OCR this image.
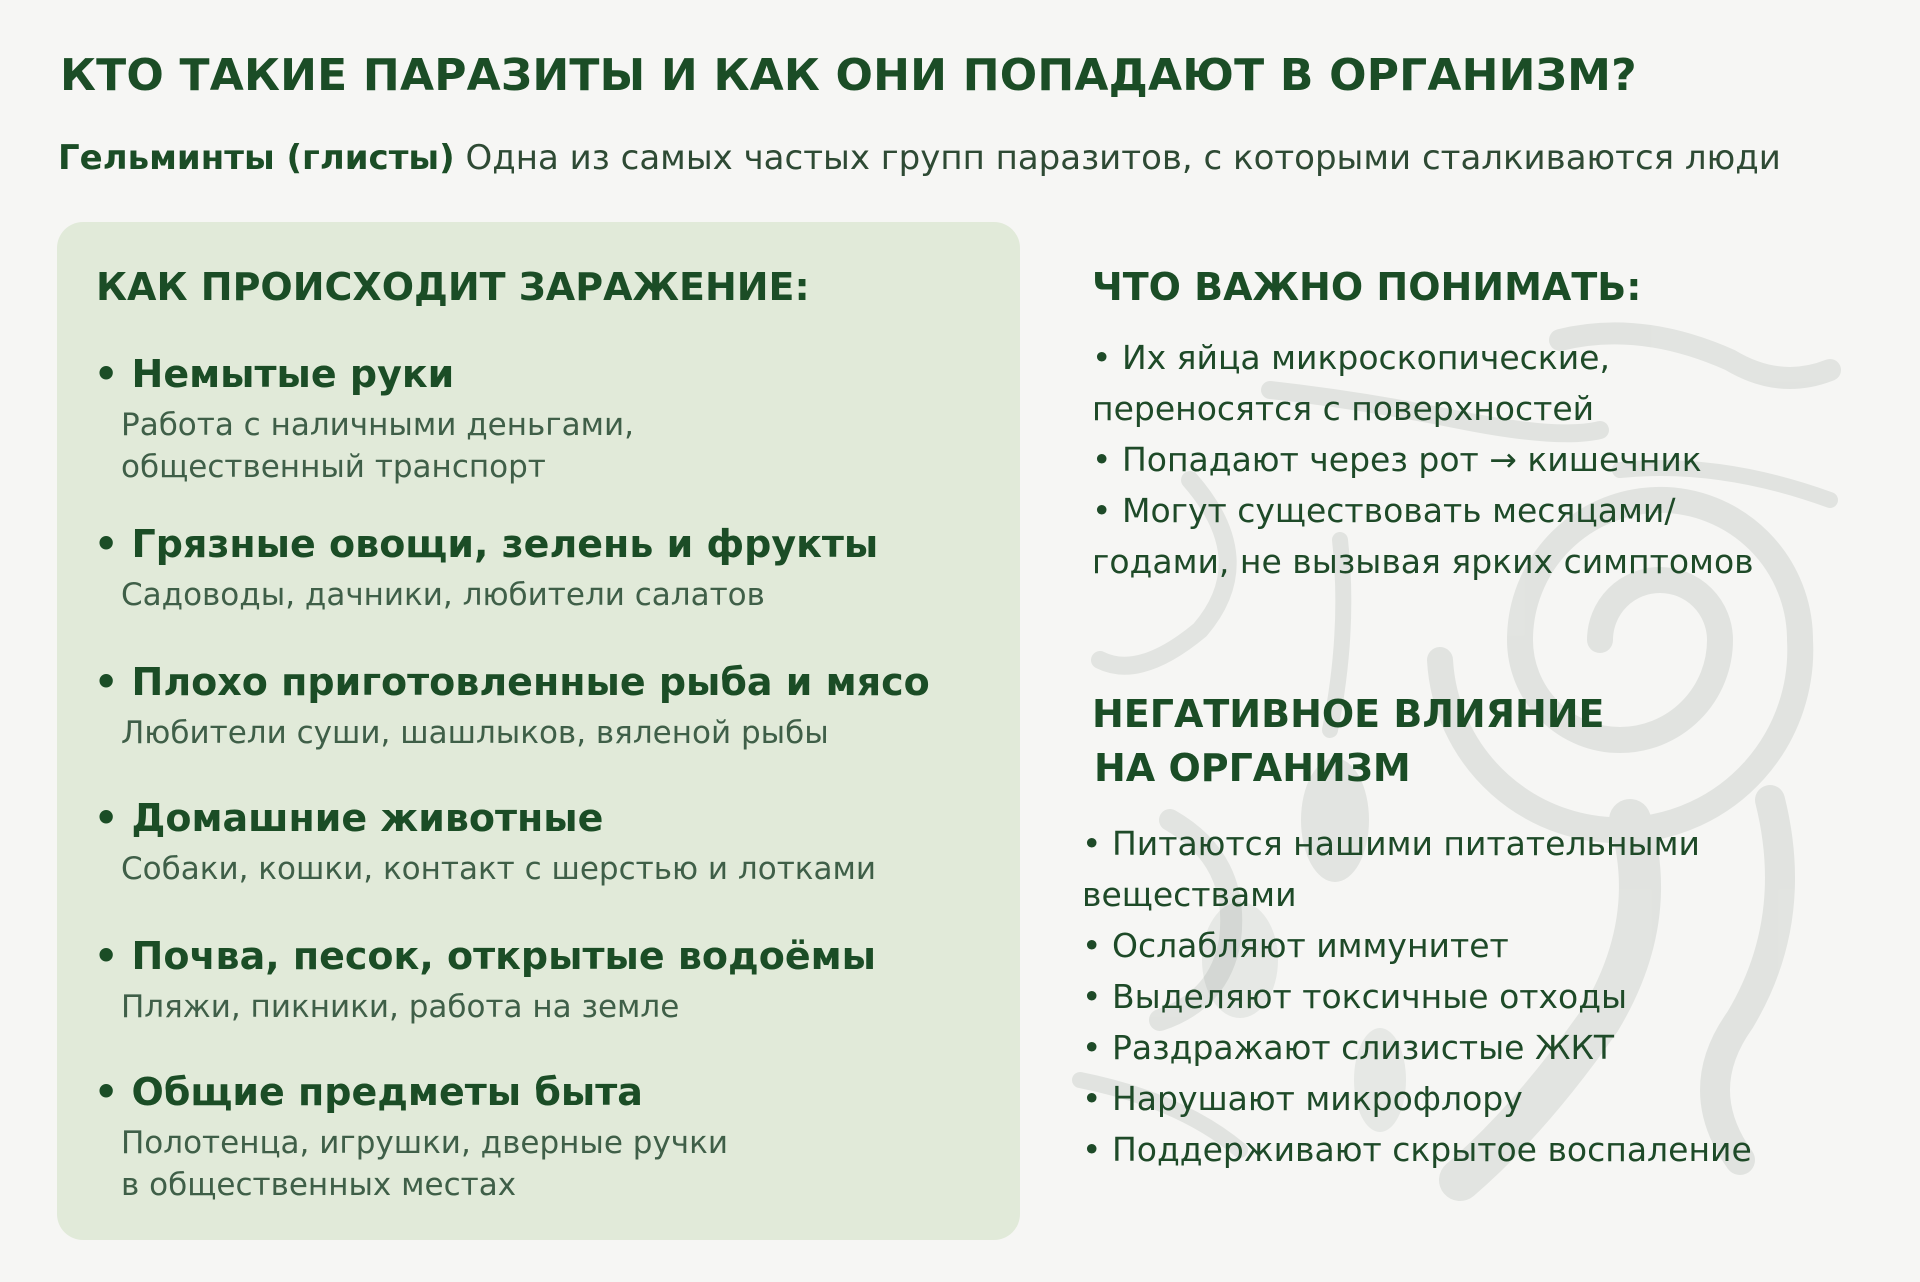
КТО ТАКИЕ ПАРАЗИТЫ И КАК ОНИ ПОПАДАЮТ В ОРГАНИЗМ?
Гельминты (глисты) Одна из самых частых групп паразитов, с которыми сталкиваются люди
КАК ПРОИСХОДИТ ЗАРАЖЕНИЕ:
• Немытые руки
Работа с наличными деньгами,
общественный транспорт
• Грязные овощи, зелень и фрукты
Садоводы, дачники, любители салатов
• Плохо приготовленные рыба и мясо
Любители суши, шашлыков, вяленой рыбы
• Домашние животные
Собаки, кошки, контакт с шерстью и лотками
• Почва, песок, открытые водоёмы
Пляжи, пикники, работа на земле
• Общие предметы быта
Полотенца, игрушки, дверные ручки
в общественных местах
ЧТО ВАЖНО ПОНИМАТЬ:
• Их яйца микроскопические, переносятся с поверхностей
• Попадают через рот → кишечник
• Могут существовать месяцами/годами, не вызывая ярких симптомов
НЕГАТИВНОЕ ВЛИЯНИЕ
НА ОРГАНИЗМ
• Питаются нашими питательными веществами
• Ослабляют иммунитет
• Выделяют токсичные отходы
• Раздражают слизистые ЖКТ
• Нарушают микрофлору
• Поддерживают скрытое воспаление
